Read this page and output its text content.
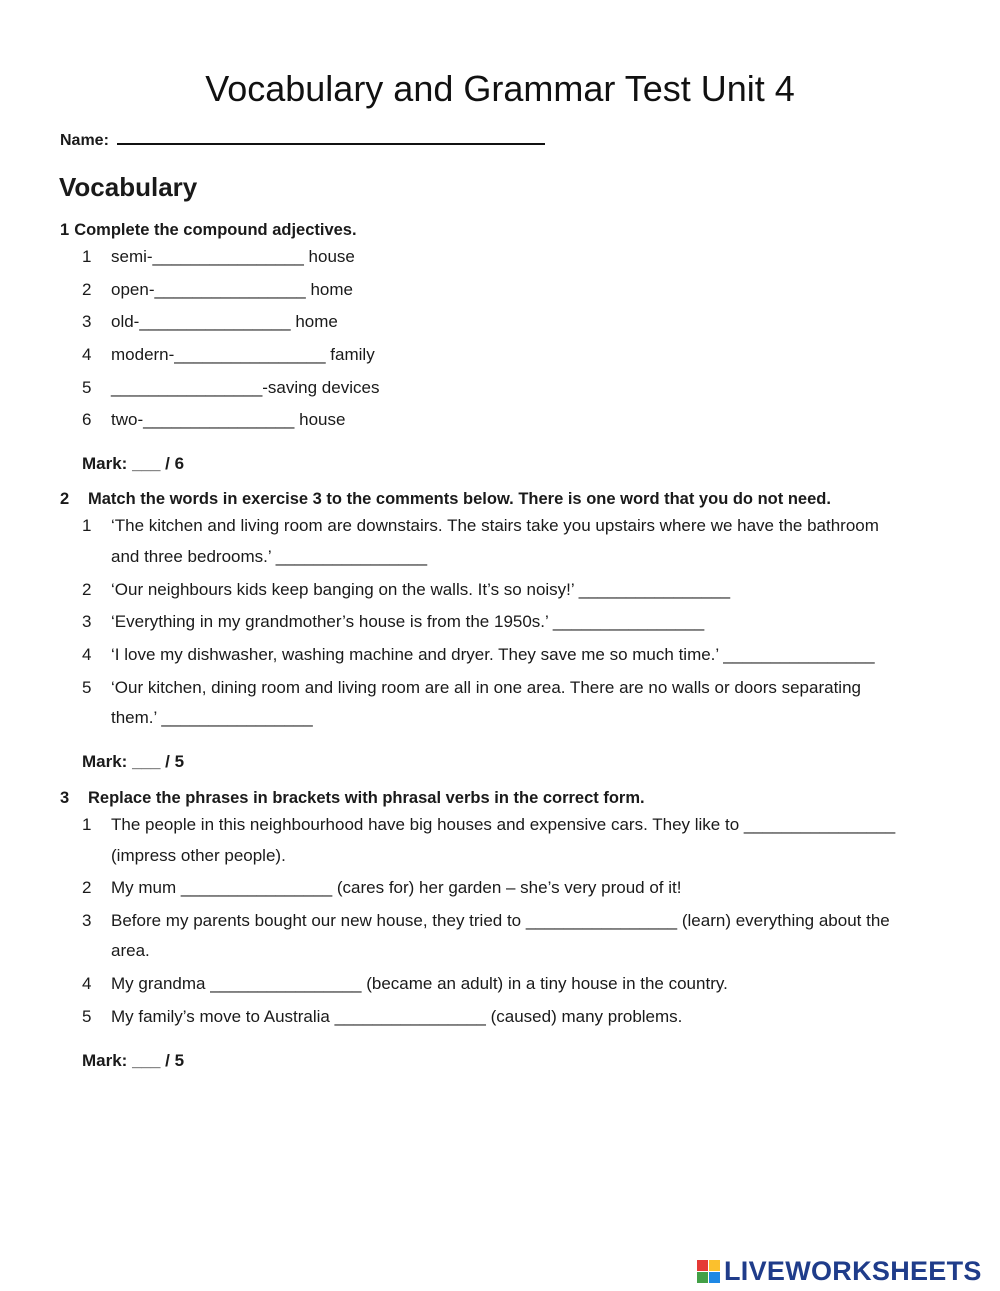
Vocabulary and Grammar Test Unit 4
Name:
Vocabulary
1 Complete the compound adjectives.
1 semi-________________ house
2 open-________________ home
3 old-________________ home
4 modern-________________ family
5 ________________-saving devices
6 two-________________ house
Mark: ___ / 6
2 Match the words in exercise 3 to the comments below. There is one word that you do not need.
1 ‘The kitchen and living room are downstairs. The stairs take you upstairs where we have the bathroom
and three bedrooms.’ ________________
2 ‘Our neighbours kids keep banging on the walls. It’s so noisy!’ ________________
3 ‘Everything in my grandmother’s house is from the 1950s.’ ________________
4 ‘I love my dishwasher, washing machine and dryer. They save me so much time.’ ________________
5 ‘Our kitchen, dining room and living room are all in one area. There are no walls or doors separating
them.’ ________________
Mark: ___ / 5
3 Replace the phrases in brackets with phrasal verbs in the correct form.
1 The people in this neighbourhood have big houses and expensive cars. They like to ________________
(impress other people).
2 My mum ________________ (cares for) her garden – she’s very proud of it!
3 Before my parents bought our new house, they tried to ________________ (learn) everything about the
area.
4 My grandma ________________ (became an adult) in a tiny house in the country.
5 My family’s move to Australia ________________ (caused) many problems.
Mark: ___ / 5
LIVEWORKSHEETS
